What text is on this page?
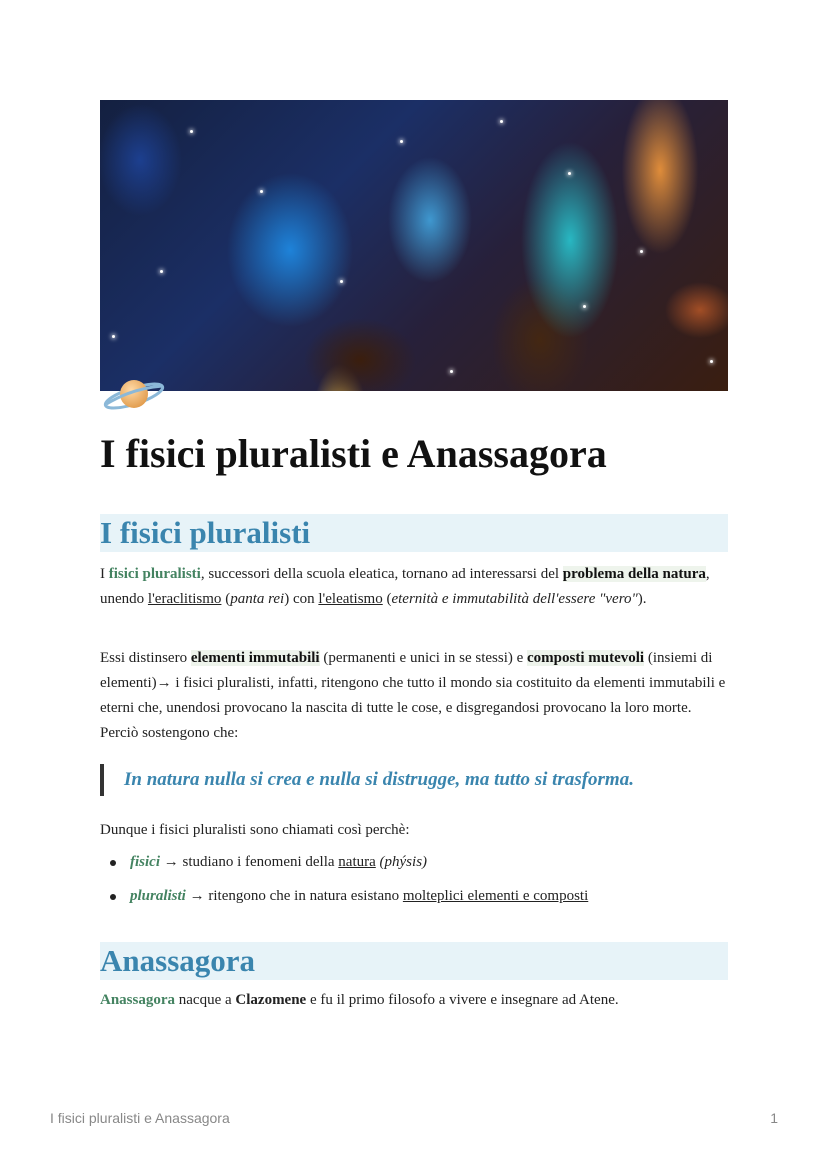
I fisici pluralisti e Anassagora
I fisici pluralisti

I fisici pluralisti, successori della scuola eleatica, tornano ad interessarsi del problema della natura, unendo l'eraclitismo (panta rei) con l'eleatismo (eternità e immutabilità dell'essere "vero").

Essi distinsero elementi immutabili (permanenti e unici in se stessi) e composti mutevoli (insiemi di elementi)→ i fisici pluralisti, infatti, ritengono che tutto il mondo sia costituito da elementi immutabili e eterni che, unendosi provocano la nascita di tutte le cose, e disgregandosi provocano la loro morte. Perciò sostengono che:

In natura nulla si crea e nulla si distrugge, ma tutto si trasforma.

Dunque i fisici pluralisti sono chiamati così perchè:

fisici → studiano i fenomeni della natura (phýsis)
pluralisti → ritengono che in natura esistano molteplici elementi e composti
Anassagora

Anassagora nacque a Clazomene e fu il primo filosofo a vivere e insegnare ad Atene.

I fisici pluralisti e Anassagora	1
